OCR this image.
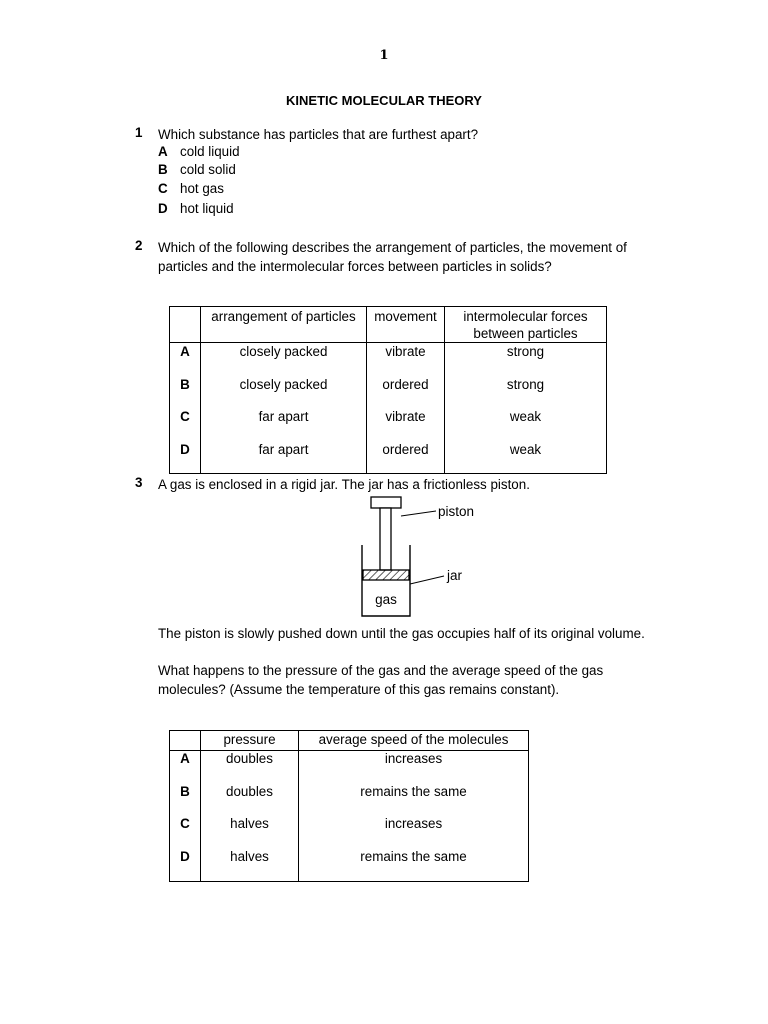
1
KINETIC MOLECULAR THEORY
1 Which substance has particles that are furthest apart?
A cold liquid
B cold solid
C hot gas
D hot liquid
2 Which of the following describes the arrangement of particles, the movement of
particles and the intermolecular forces between particles in solids?
	arrangement of particles	movement	intermolecular forces
between particles
A	closely packed	vibrate	strong
B	closely packed	ordered	strong
C	far apart	vibrate	weak
D	far apart	ordered	weak
3 A gas is enclosed in a rigid jar. The jar has a frictionless piston.
piston
jar
gas
The piston is slowly pushed down until the gas occupies half of its original volume.
What happens to the pressure of the gas and the average speed of the gas
molecules? (Assume the temperature of this gas remains constant).
	pressure	average speed of the molecules
A	doubles	increases
B	doubles	remains the same
C	halves	increases
D	halves	remains the same
